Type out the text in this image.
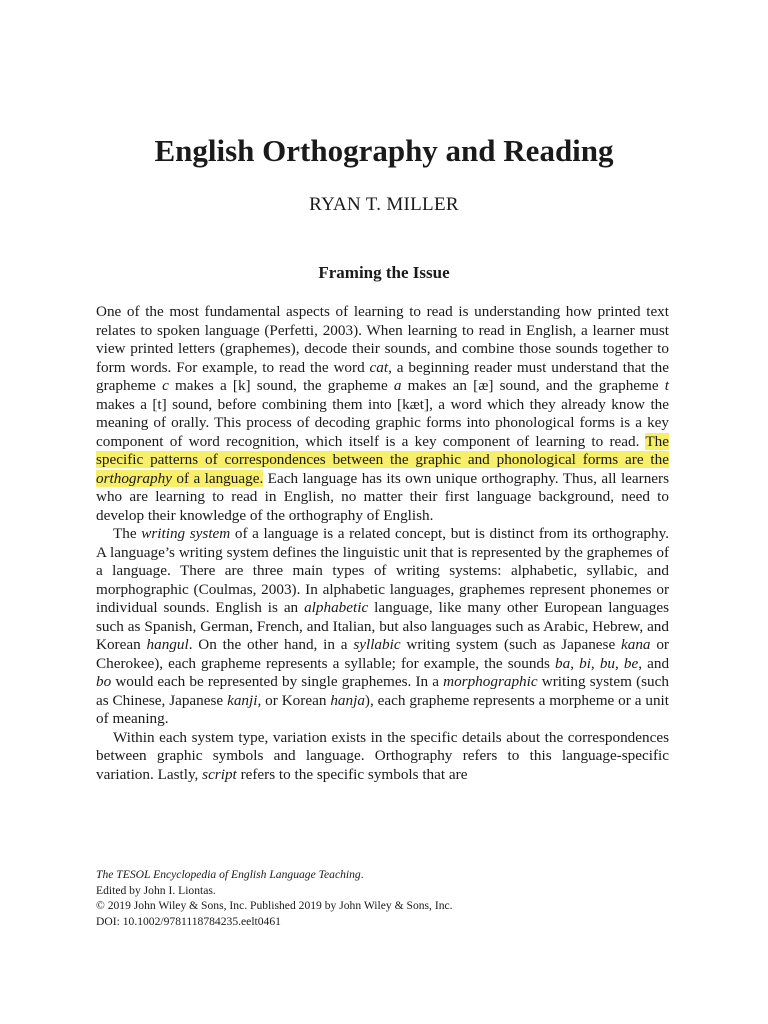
English Orthography and Reading
RYAN T. MILLER
Framing the Issue

One of the most fundamental aspects of learning to read is understanding how printed text relates to spoken language (Perfetti, 2003). When learning to read in English, a learner must view printed letters (graphemes), decode their sounds, and combine those sounds together to form words. For example, to read the word cat, a beginning reader must understand that the grapheme c makes a [k] sound, the grapheme a makes an [æ] sound, and the grapheme t makes a [t] sound, before combining them into [kæt], a word which they already know the meaning of orally. This process of decoding graphic forms into phonological forms is a key component of word recognition, which itself is a key component of learning to read. The specific patterns of correspondences between the graphic and phonological forms are the orthography of a language. Each language has its own unique orthography. Thus, all learners who are learning to read in English, no matter their first language background, need to develop their knowledge of the orthography of English.

The writing system of a language is a related concept, but is distinct from its orthography. A language’s writing system defines the linguistic unit that is represented by the graphemes of a language. There are three main types of writing systems: alphabetic, syllabic, and morphographic (Coulmas, 2003). In alphabetic languages, graphemes represent phonemes or individual sounds. English is an alphabetic language, like many other European languages such as Spanish, German, French, and Italian, but also languages such as Arabic, Hebrew, and Korean hangul. On the other hand, in a syllabic writing system (such as Japanese kana or Cherokee), each grapheme represents a syllable; for example, the sounds ba, bi, bu, be, and bo would each be represented by single graphemes. In a morphographic writing system (such as Chinese, Japanese kanji, or Korean hanja), each grapheme represents a morpheme or a unit of meaning.

Within each system type, variation exists in the specific details about the correspondences between graphic symbols and language. Orthography refers to this language-specific variation. Lastly, script refers to the specific symbols that are

The TESOL Encyclopedia of English Language Teaching.
Edited by John I. Liontas.
© 2019 John Wiley & Sons, Inc. Published 2019 by John Wiley & Sons, Inc.
DOI: 10.1002/9781118784235.eelt0461
